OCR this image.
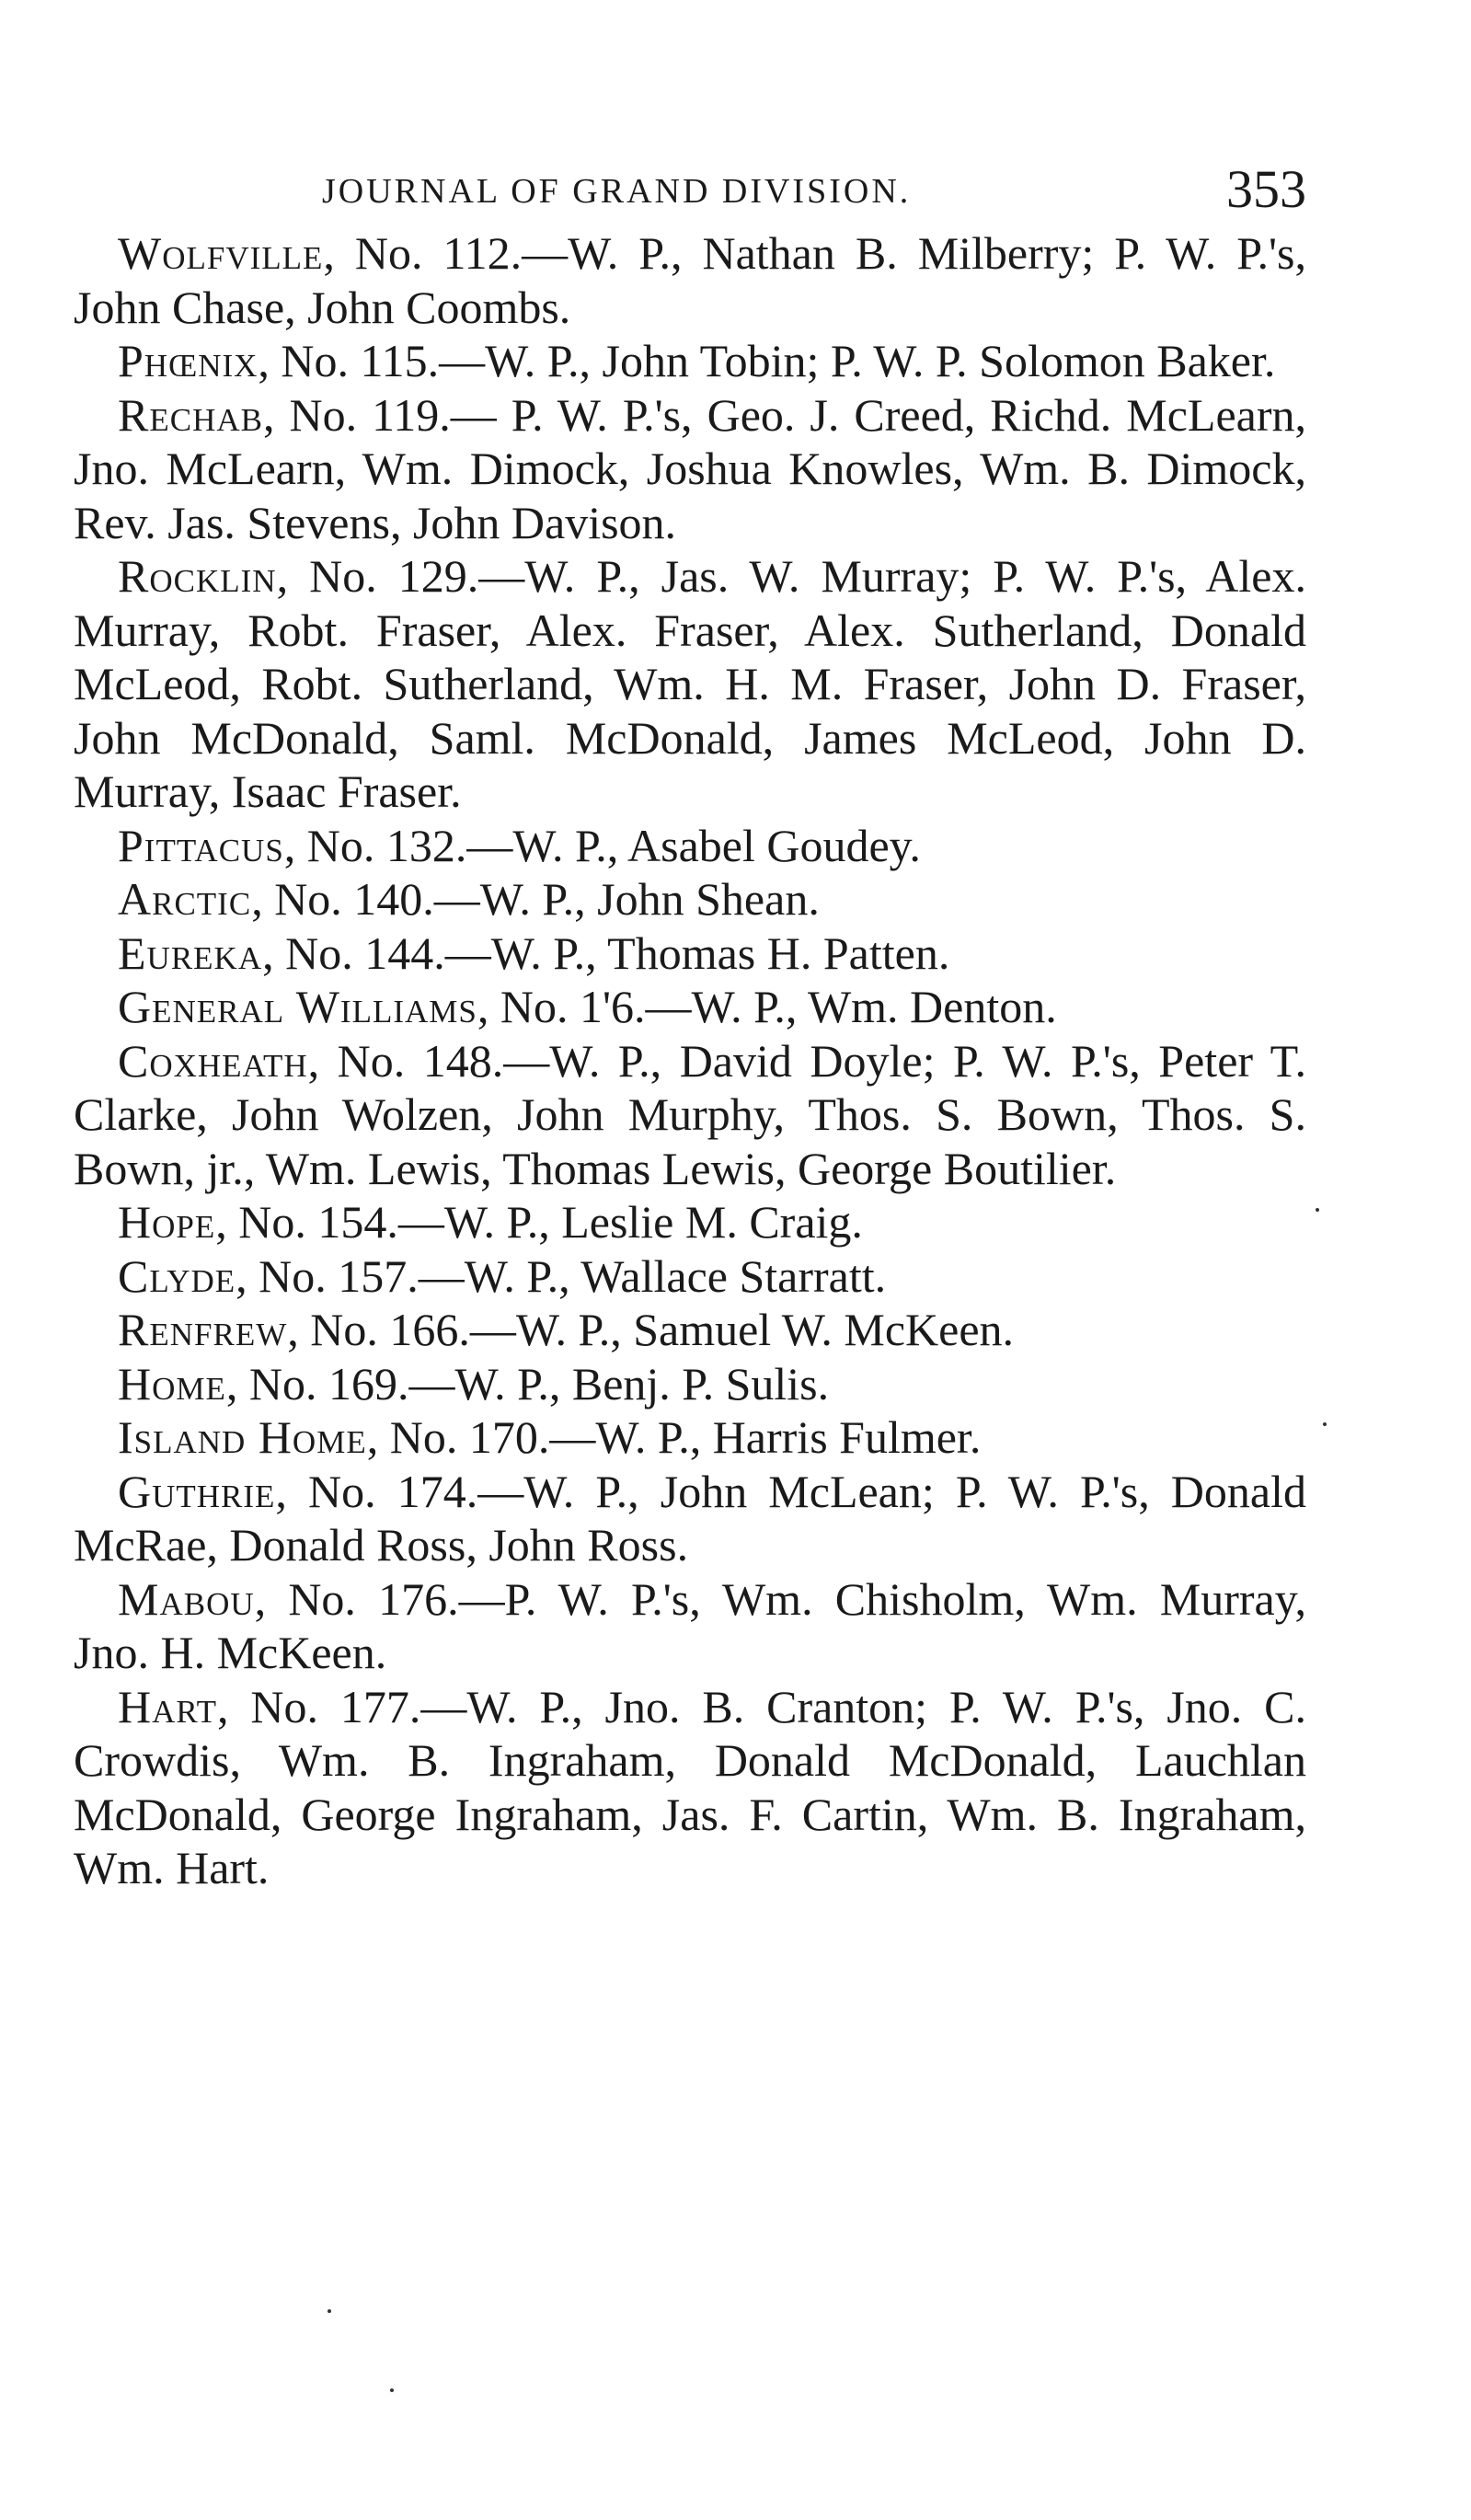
JOURNAL OF GRAND DIVISION.	353

Wolfville, No. 112.—W. P., Nathan B. Milberry; P. W. P.'s, John Chase, John Coombs.

Phœnix, No. 115.—W. P., John Tobin; P. W. P. Solomon Baker.

Rechab, No. 119.— P. W. P.'s, Geo. J. Creed, Richd. McLearn, Jno. McLearn, Wm. Dimock, Joshua Knowles, Wm. B. Dimock, Rev. Jas. Stevens, John Davison.

Rocklin, No. 129.—W. P., Jas. W. Murray; P. W. P.'s, Alex. Murray, Robt. Fraser, Alex. Fraser, Alex. Sutherland, Donald McLeod, Robt. Sutherland, Wm. H. M. Fraser, John D. Fraser, John McDonald, Saml. McDonald, James McLeod, John D. Murray, Isaac Fraser.

Pittacus, No. 132.—W. P., Asabel Goudey.

Arctic, No. 140.—W. P., John Shean.

Eureka, No. 144.—W. P., Thomas H. Patten.

General Williams, No. 1'6.—W. P., Wm. Denton.

Coxheath, No. 148.—W. P., David Doyle; P. W. P.'s, Peter T. Clarke, John Wolzen, John Murphy, Thos. S. Bown, Thos. S. Bown, jr., Wm. Lewis, Thomas Lewis, George Boutilier.

Hope, No. 154.—W. P., Leslie M. Craig.

Clyde, No. 157.—W. P., Wallace Starratt.

Renfrew, No. 166.—W. P., Samuel W. McKeen.

Home, No. 169.—W. P., Benj. P. Sulis.

Island Home, No. 170.—W. P., Harris Fulmer.

Guthrie, No. 174.—W. P., John McLean; P. W. P.'s, Donald McRae, Donald Ross, John Ross.

Mabou, No. 176.—P. W. P.'s, Wm. Chisholm, Wm. Murray, Jno. H. McKeen.

Hart, No. 177.—W. P., Jno. B. Cranton; P. W. P.'s, Jno. C. Crowdis, Wm. B. Ingraham, Donald McDonald, Lauchlan McDonald, George Ingraham, Jas. F. Cartin, Wm. B. Ingraham, Wm. Hart.
